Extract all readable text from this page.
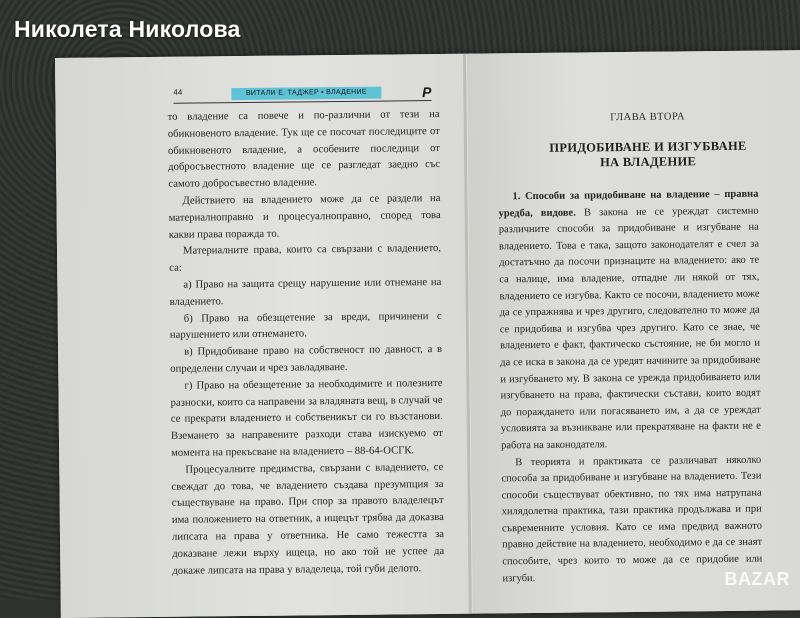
Николета Николова
44	ВИТАЛИ Е. ТАДЖЕР • ВЛАДЕНИЕ	P

то владение са повече и по-различни от тези на обикновеното владение. Тук ще се посочат последиците от обикновеното владение, а особените последици от добросъвестното владение ще се разгледат заедно със самото добросъвестно владение.

Действието на владението може да се раздели на материалноправно и процесуалноправно, според това какви права поражда то.

Материалните права, които са свързани с владението, са:

а) Право на защита срещу нарушение или отнемане на владението.

б) Право на обезщетение за вреди, причинени с нарушението или отнемането.

в) Придобиване право на собственост по давност, а в определени случаи и чрез завладяване.

г) Право на обезщетение за необходимите и полезните разноски, които са направени за владяната вещ, в случай че се прекрати владението и собственикът си го възстанови. Вземането за направените разходи става изискуемо от момента на прекъсване на владението – 88-64-ОСГК.

Процесуалните предимства, свързани с владението, се свеждат до това, че владението създава презумпция за съществуване на право. При спор за правото владелецът има положението на ответник, а ищецът трябва да доказва липсата на права у ответника. Не само тежестта за доказване лежи върху ищеца, но ако той не успее да докаже липсата на права у владелеца, той губи делото.

ГЛАВА ВТОРА
ПРИДОБИВАНЕ И ИЗГУБВАНЕ
НА ВЛАДЕНИЕ

1. Способи за придобиване на владение – правна уредба, видове. В закона не се уреждат системно различните способи за придобиване и изгубване на владението. Това е така, защото законодателят е счел за достатъчно да посочи признаците на владението: ако те са налице, има владение, отпадне ли някой от тях, владението се изгубва. Както се посочи, владението може да се упражнява и чрез другиго, следователно то може да се придобива и изгубва чрез другиго. Като се знае, че владението е факт, фактическо състояние, не би могло и да се иска в закона да се уредят начините за придобиване и изгубването му. В закона се урежда придобиването или изгубването на права, фактически състави, които водят до пораждането или погасяването им, а да се уреждат условията за възникване или прекратяване на факти не е работа на законодателя.

В теорията и практиката се различават няколко способа за придобиване и изгубване на владението. Тези способи съществуват обективно, по тях има натрупана хилядолетна практика, тази практика продължава и при съвременните условия. Като се има предвид важното правно действие на владението, необходимо е да се знаят способите, чрез които то може да се придобие или изгуби.	BAZAR
